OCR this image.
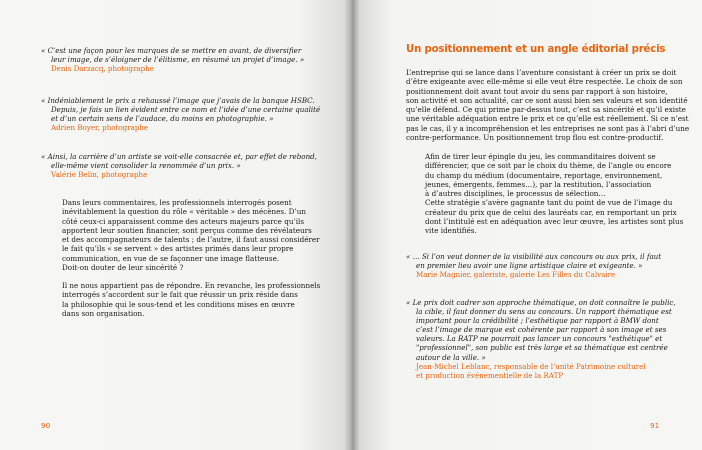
« C’est une façon pour les marques de se mettre en avant, de diversifier
leur image, de s’éloigner de l’élitisme, en résumé un projet d’image. »
Denis Darzacq, photographe
« Indéniablement le prix a rehaussé l’image que j’avais de la banque HSBC.
Depuis, je fais un lien évident entre ce nom et l’idée d’une certaine qualité
et d’un certain sens de l’audace, du moins en photographie. »
Adrien Boyer, photographe
« Ainsi, la carrière d’un artiste se voit-elle consacrée et, par effet de rebond,
elle-même vient consolider la renommée d’un prix. »
Valérie Belin, photographe

Dans leurs commentaires, les professionnels interrogés posent

inévitablement la question du rôle « véritable » des mécènes. D’un

côté ceux-ci apparaissent comme des acteurs majeurs parce qu’ils

apportent leur soutien financier, sont perçus comme des révélateurs

et des accompagnateurs de talents ; de l’autre, il faut aussi considérer

le fait qu’ils « se servent » des artistes primés dans leur propre

communication, en vue de se façonner une image flatteuse.

Doit-on douter de leur sincérité ?

Il ne nous appartient pas de répondre. En revanche, les professionnels

interrogés s’accordent sur le fait que réussir un prix réside dans

la philosophie qui le sous-tend et les conditions mises en œuvre

dans son organisation.

90
Un positionnement et un angle éditorial précis

L’entreprise qui se lance dans l’aventure consistant à créer un prix se doit

d’être exigeante avec elle-même si elle veut être respectée. Le choix de son

positionnement doit avant tout avoir du sens par rapport à son histoire,

son activité et son actualité, car ce sont aussi bien ses valeurs et son identité

qu’elle défend. Ce qui prime par-dessus tout, c’est sa sincérité et qu’il existe

une véritable adéquation entre le prix et ce qu’elle est réellement. Si ce n’est

pas le cas, il y a incompréhension et les entreprises ne sont pas à l’abri d’une

contre-performance. Un positionnement trop flou est contre-productif.

Afin de tirer leur épingle du jeu, les commanditaires doivent se

différencier, que ce soit par le choix du thème, de l’angle ou encore

du champ du médium (documentaire, reportage, environnement,

jeunes, émergents, femmes…), par la restitution, l’association

à d’autres disciplines, le processus de sélection…

Cette stratégie s’avère gagnante tant du point de vue de l’image du

créateur du prix que de celui des lauréats car, en remportant un prix

dont l’intitulé est en adéquation avec leur œuvre, les artistes sont plus

vite identifiés.

« … Si l’on veut donner de la visibilité aux concours ou aux prix, il faut
en premier lieu avoir une ligne artistique claire et exigeante. »
Marie Magnier, galeriste, galerie Les Filles du Calvaire
« Le prix doit cadrer son approche thématique, on doit connaître le public,
la cible, il faut donner du sens au concours. Un rapport thématique est
important pour la crédibilité ; l’esthétique par rapport à BMW dont
c’est l’image de marque est cohérente par rapport à son image et ses
valeurs. La RATP ne pourrait pas lancer un concours "esthétique" et
"professionnel", son public est très large et sa thématique est centrée
autour de la ville. »
Jean-Michel Leblanc, responsable de l’unité Patrimoine culturel
et production événementielle de la RATP
91
